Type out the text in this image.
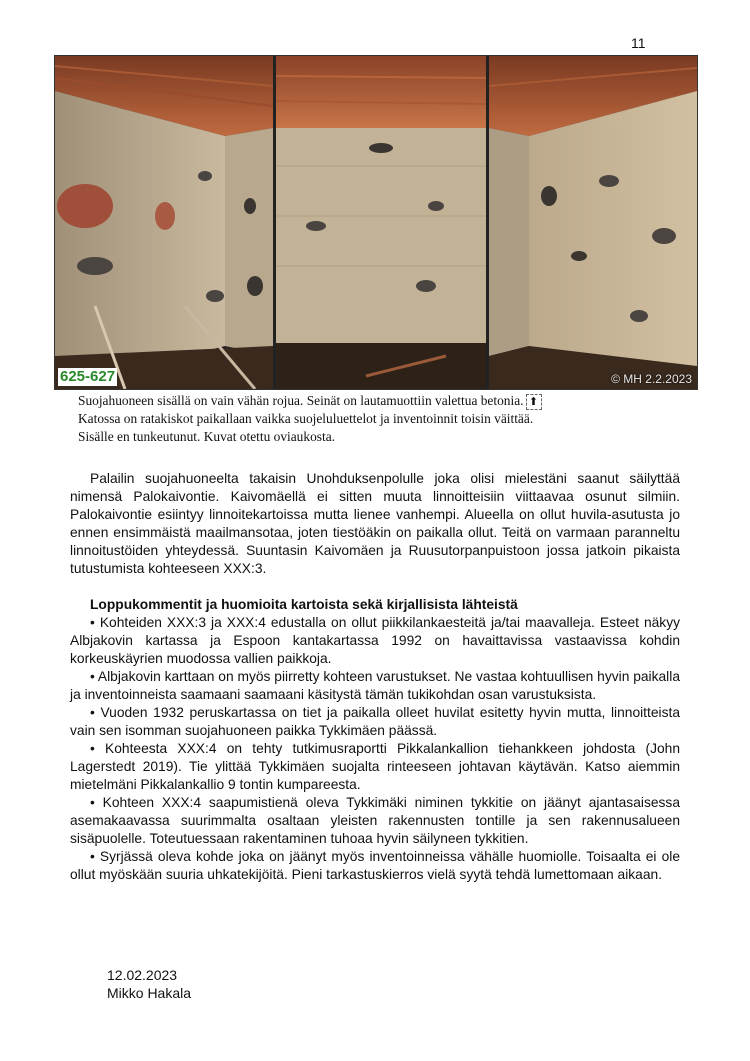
11
625-627	© MH 2.2.2023

Suojahuoneen sisällä on vain vähän rojua. Seinät on lautamuottiin valettua betonia. ⬆

Katossa on ratakiskot paikallaan vaikka suojeluluettelot ja inventoinnit toisin väittää.

Sisälle en tunkeutunut. Kuvat otettu oviaukosta.

Palailin suojahuoneelta takaisin Unohduksenpolulle joka olisi mielestäni saanut säilyttää nimensä Palokaivontie. Kaivomäellä ei sitten muuta linnoitteisiin viittaavaa osunut silmiin. Palokaivontie esiintyy linnoitekartoissa mutta lienee vanhempi. Alueella on ollut huvila-asutusta jo ennen ensimmäistä maailmansotaa, joten tiestöäkin on paikalla ollut. Teitä on varmaan paranneltu linnoitustöiden yhteydessä. Suuntasin Kaivomäen ja Ruusutorpanpuistoon jossa jatkoin pikaista tutustumista kohteeseen XXX:3.

Loppukommentit ja huomioita kartoista sekä kirjallisista lähteistä

• Kohteiden XXX:3 ja XXX:4 edustalla on ollut piikkilankaesteitä ja/tai maavalleja. Esteet näkyy Albjakovin kartassa ja Espoon kantakartassa 1992 on havaittavissa vastaavissa kohdin korkeuskäyrien muodossa vallien paikkoja.

• Albjakovin karttaan on myös piirretty kohteen varustukset. Ne vastaa kohtuullisen hyvin paikalla ja inventoinneista saamaani saamaani käsitystä tämän tukikohdan osan varustuksista.

• Vuoden 1932 peruskartassa on tiet ja paikalla olleet huvilat esitetty hyvin mutta, linnoitteista vain sen isomman suojahuoneen paikka Tykkimäen päässä.

• Kohteesta XXX:4 on tehty tutkimusraportti Pikkalankallion tiehankkeen johdosta (John Lagerstedt 2019). Tie ylittää Tykkimäen suojalta rinteeseen johtavan käytävän. Katso aiemmin mietelmäni Pikkalankallio 9 tontin kumpareesta.

• Kohteen XXX:4 saapumistienä oleva Tykkimäki niminen tykkitie on jäänyt ajantasaisessa asemakaavassa suurimmalta osaltaan yleisten rakennusten tontille ja sen rakennusalueen sisäpuolelle. Toteutuessaan rakentaminen tuhoaa hyvin säilyneen tykkitien.

• Syrjässä oleva kohde joka on jäänyt myös inventoinneissa vähälle huomiolle. Toisaalta ei ole ollut myöskään suuria uhkatekijöitä. Pieni tarkastuskierros vielä syytä tehdä lumettomaan aikaan.

12.02.2023
Mikko Hakala
